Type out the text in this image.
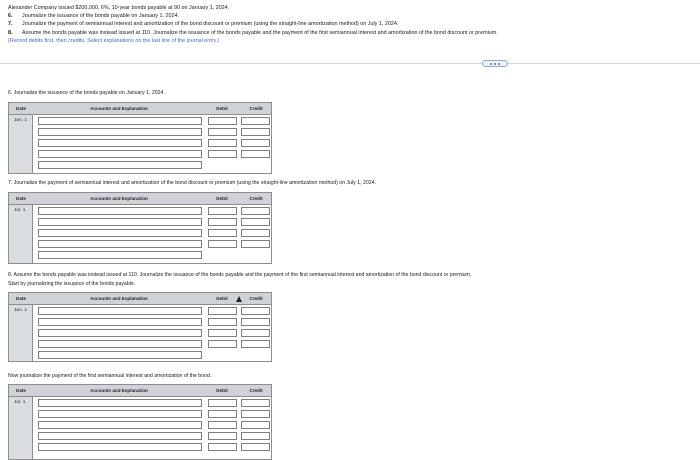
Alexander Company issued $200,000, 6%, 10-year bonds payable at 90 on January 1, 2024.
6.	Journalize the issuance of the bonds payable on January 1, 2024.
7.	Journalize the payment of semiannual interest and amortization of the bond discount or premium (using the straight-line amortization method) on July 1, 2024.
8.	Assume the bonds payable was instead issued at 110. Journalize the issuance of the bonds payable and the payment of the first semiannual interest and amortization of the bond discount or premium.
(Record debits first, then credits. Select explanations on the last line of the journal entry.)
6. Journalize the issuance of the bonds payable on January 1, 2024.
Date	Accounts and Explanation	Debit	Credit
Jan. 1
7. Journalize the payment of semiannual interest and amortization of the bond discount or premium (using the straight-line amortization method) on July 1, 2024.
Date	Accounts and Explanation	Debit	Credit
Jul. 1
8. Assume the bonds payable was instead issued at 110. Journalize the issuance of the bonds payable and the payment of the first semiannual interest and amortization of the bond discount or premium.
Start by journalizing the issuance of the bonds payable.
Date	Accounts and Explanation	Debit	Credit
Jan. 1
Now journalize the payment of the first semiannual interest and amortization of the bond.
Date	Accounts and Explanation	Debit	Credit
Jul. 1
